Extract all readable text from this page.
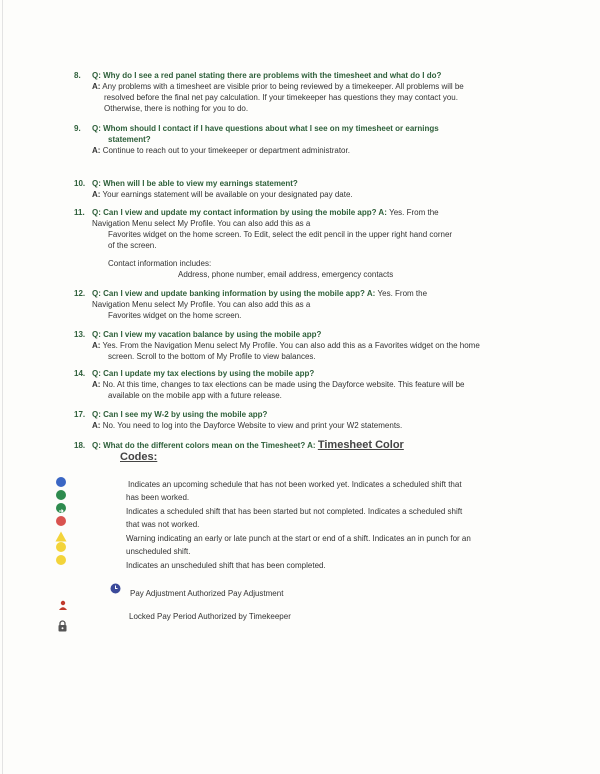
8. Q: Why do I see a red panel stating there are problems with the timesheet and what do I do?
A: Any problems with a timesheet are visible prior to being reviewed by a timekeeper. All problems will be
resolved before the final net pay calculation. If your timekeeper has questions they may contact you.
Otherwise, there is nothing for you to do.
9. Q: Whom should I contact if I have questions about what I see on my timesheet or earnings
statement?
A: Continue to reach out to your timekeeper or department administrator.
10. Q: When will I be able to view my earnings statement?
A: Your earnings statement will be available on your designated pay date.
11. Q: Can I view and update my contact information by using the mobile app? A: Yes. From the
Navigation Menu select My Profile. You can also add this as a
Favorites widget on the home screen. To Edit, select the edit pencil in the upper right hand corner
of the screen.
Contact information includes:
Address, phone number, email address, emergency contacts
12. Q: Can I view and update banking information by using the mobile app? A: Yes. From the
Navigation Menu select My Profile. You can also add this as a
Favorites widget on the home screen.
13. Q: Can I view my vacation balance by using the mobile app?
A: Yes. From the Navigation Menu select My Profile. You can also add this as a Favorites widget on the home
screen. Scroll to the bottom of My Profile to view balances.
14. Q: Can I update my tax elections by using the mobile app?
A: No. At this time, changes to tax elections can be made using the Dayforce website. This feature will be
available on the mobile app with a future release.
17. Q: Can I see my W-2 by using the mobile app?
A: No. You need to log into the Dayforce Website to view and print your W2 statements.
18. Q: What do the different colors mean on the Timesheet? A: Timesheet Color
Codes:
Indicates an upcoming schedule that has not been worked yet. Indicates a scheduled shift that
has been worked.
Indicates a scheduled shift that has been started but not completed. Indicates a scheduled shift
that was not worked.
Warning indicating an early or late punch at the start or end of a shift. Indicates an in punch for an
unscheduled shift.
Indicates an unscheduled shift that has been completed.
Pay Adjustment Authorized Pay Adjustment
Locked Pay Period Authorized by Timekeeper
